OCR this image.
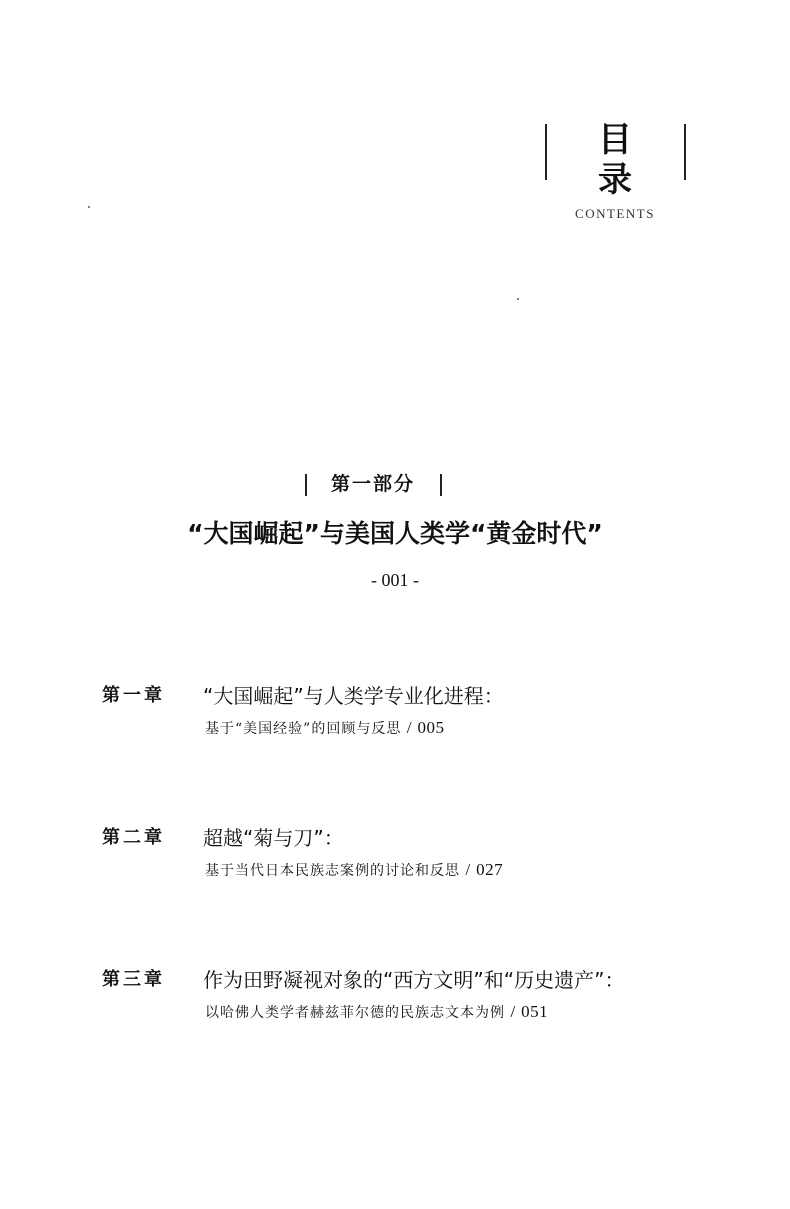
目 录
CONTENTS
第一部分
“大国崛起”与美国人类学“黄金时代”
- 001 -
第一章 “大国崛起”与人类学专业化进程：
基于“美国经验”的回顾与反思 / 005
第二章 超越“菊与刀”：
基于当代日本民族志案例的讨论和反思 / 027
第三章 作为田野凝视对象的“西方文明”和“历史遗产”：
以哈佛人类学者赫兹菲尔德的民族志文本为例 / 051
